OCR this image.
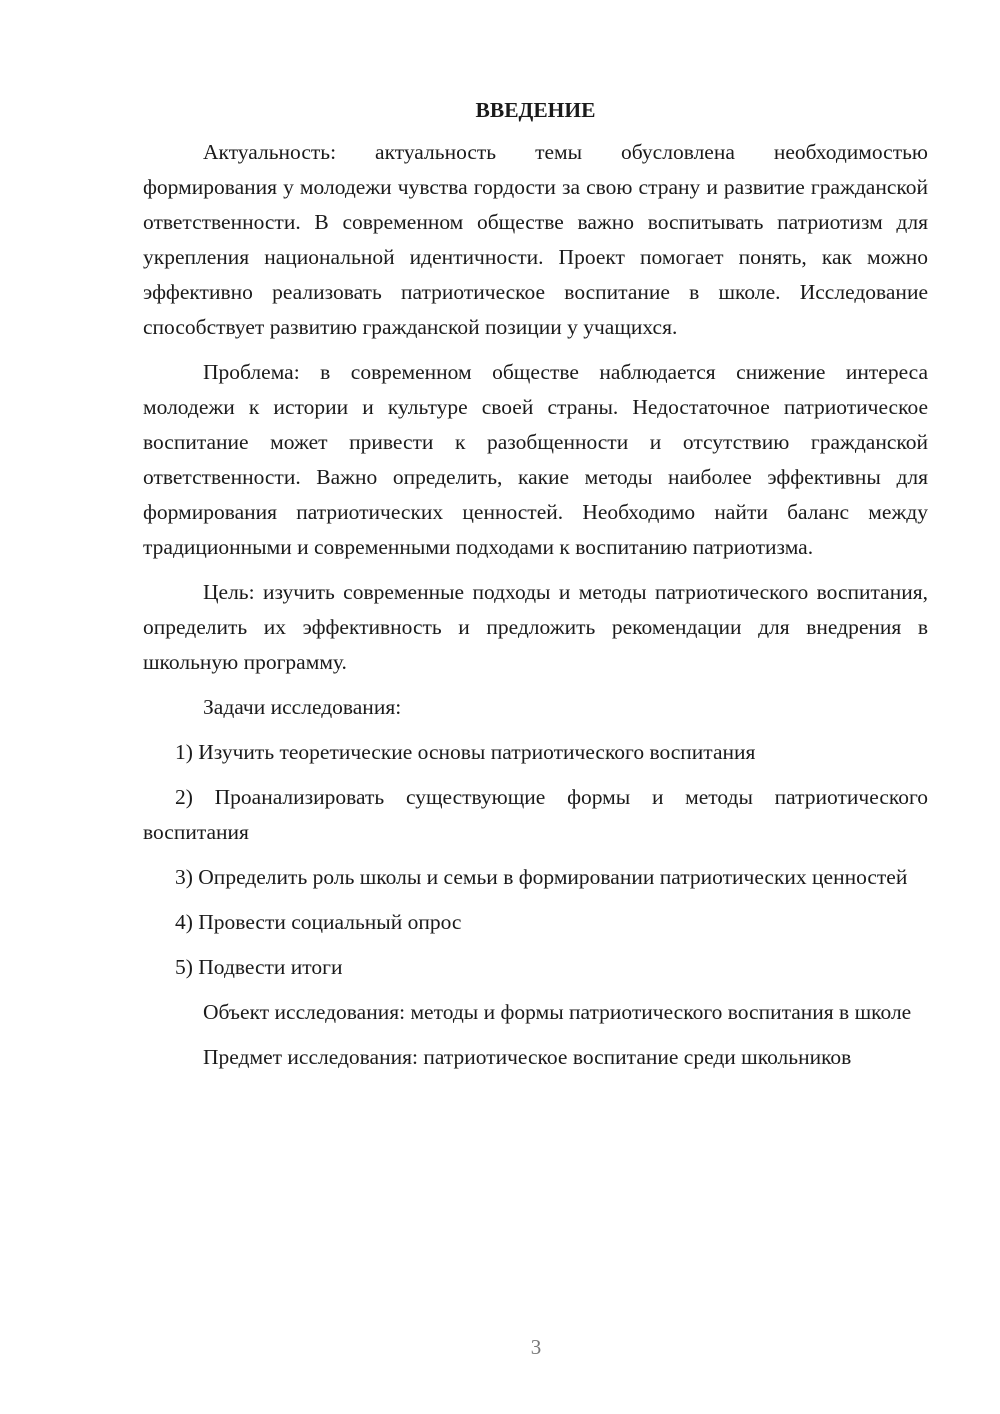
ВВЕДЕНИЕ

Актуальность: актуальность темы обусловлена необходимостью формирования у молодежи чувства гордости за свою страну и развитие гражданской ответственности. В современном обществе важно воспитывать патриотизм для укрепления национальной идентичности. Проект помогает понять, как можно эффективно реализовать патриотическое воспитание в школе. Исследование способствует развитию гражданской позиции у учащихся.

Проблема: в современном обществе наблюдается снижение интереса молодежи к истории и культуре своей страны. Недостаточное патриотическое воспитание может привести к разобщенности и отсутствию гражданской ответственности. Важно определить, какие методы наиболее эффективны для формирования патриотических ценностей. Необходимо найти баланс между традиционными и современными подходами к воспитанию патриотизма.

Цель: изучить современные подходы и методы патриотического воспитания, определить их эффективность и предложить рекомендации для внедрения в школьную программу.

Задачи исследования:

1) Изучить теоретические основы патриотического воспитания

2) Проанализировать существующие формы и методы патриотического воспитания

3) Определить роль школы и семьи в формировании патриотических ценностей

4) Провести социальный опрос

5) Подвести итоги

Объект исследования: методы и формы патриотического воспитания в школе

Предмет исследования: патриотическое воспитание среди школьников

3
